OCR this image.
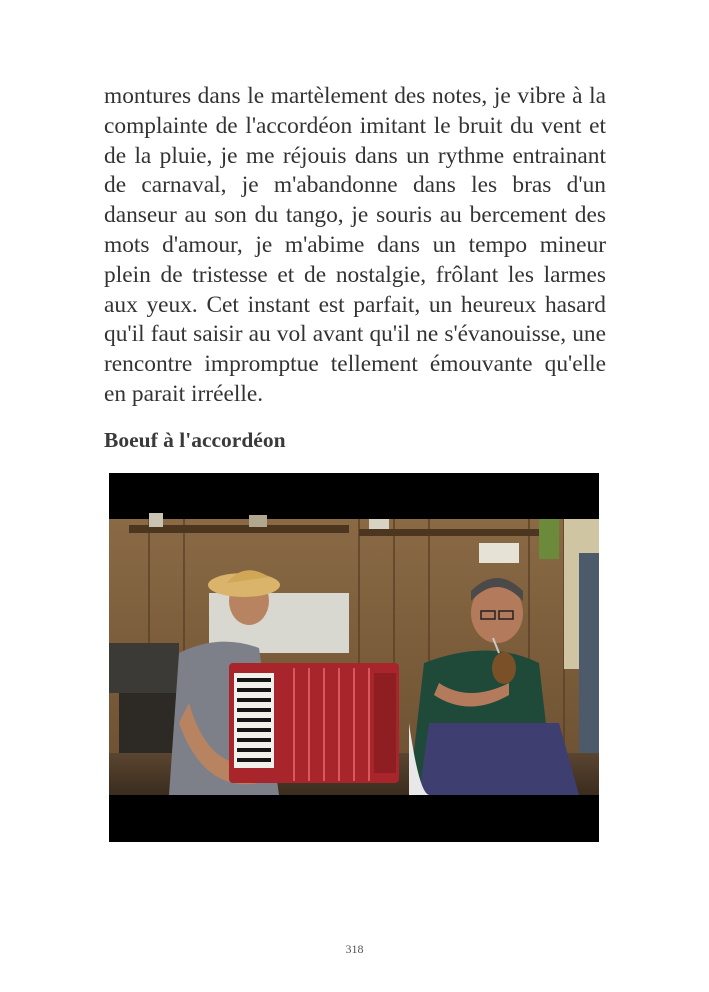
montures dans le martèlement des notes, je vibre à la
complainte de l'accordéon imitant le bruit du vent et
de la pluie, je me réjouis dans un rythme entrainant
de carnaval, je m'abandonne dans les bras d'un
danseur au son du tango, je souris au bercement des
mots d'amour, je m'abime dans un tempo mineur
plein de tristesse et de nostalgie, frôlant les larmes
aux yeux. Cet instant est parfait, un heureux hasard
qu'il faut saisir au vol avant qu'il ne s'évanouisse, une
rencontre impromptue tellement émouvante qu'elle
en parait irréelle.
Boeuf à l'accordéon
318
